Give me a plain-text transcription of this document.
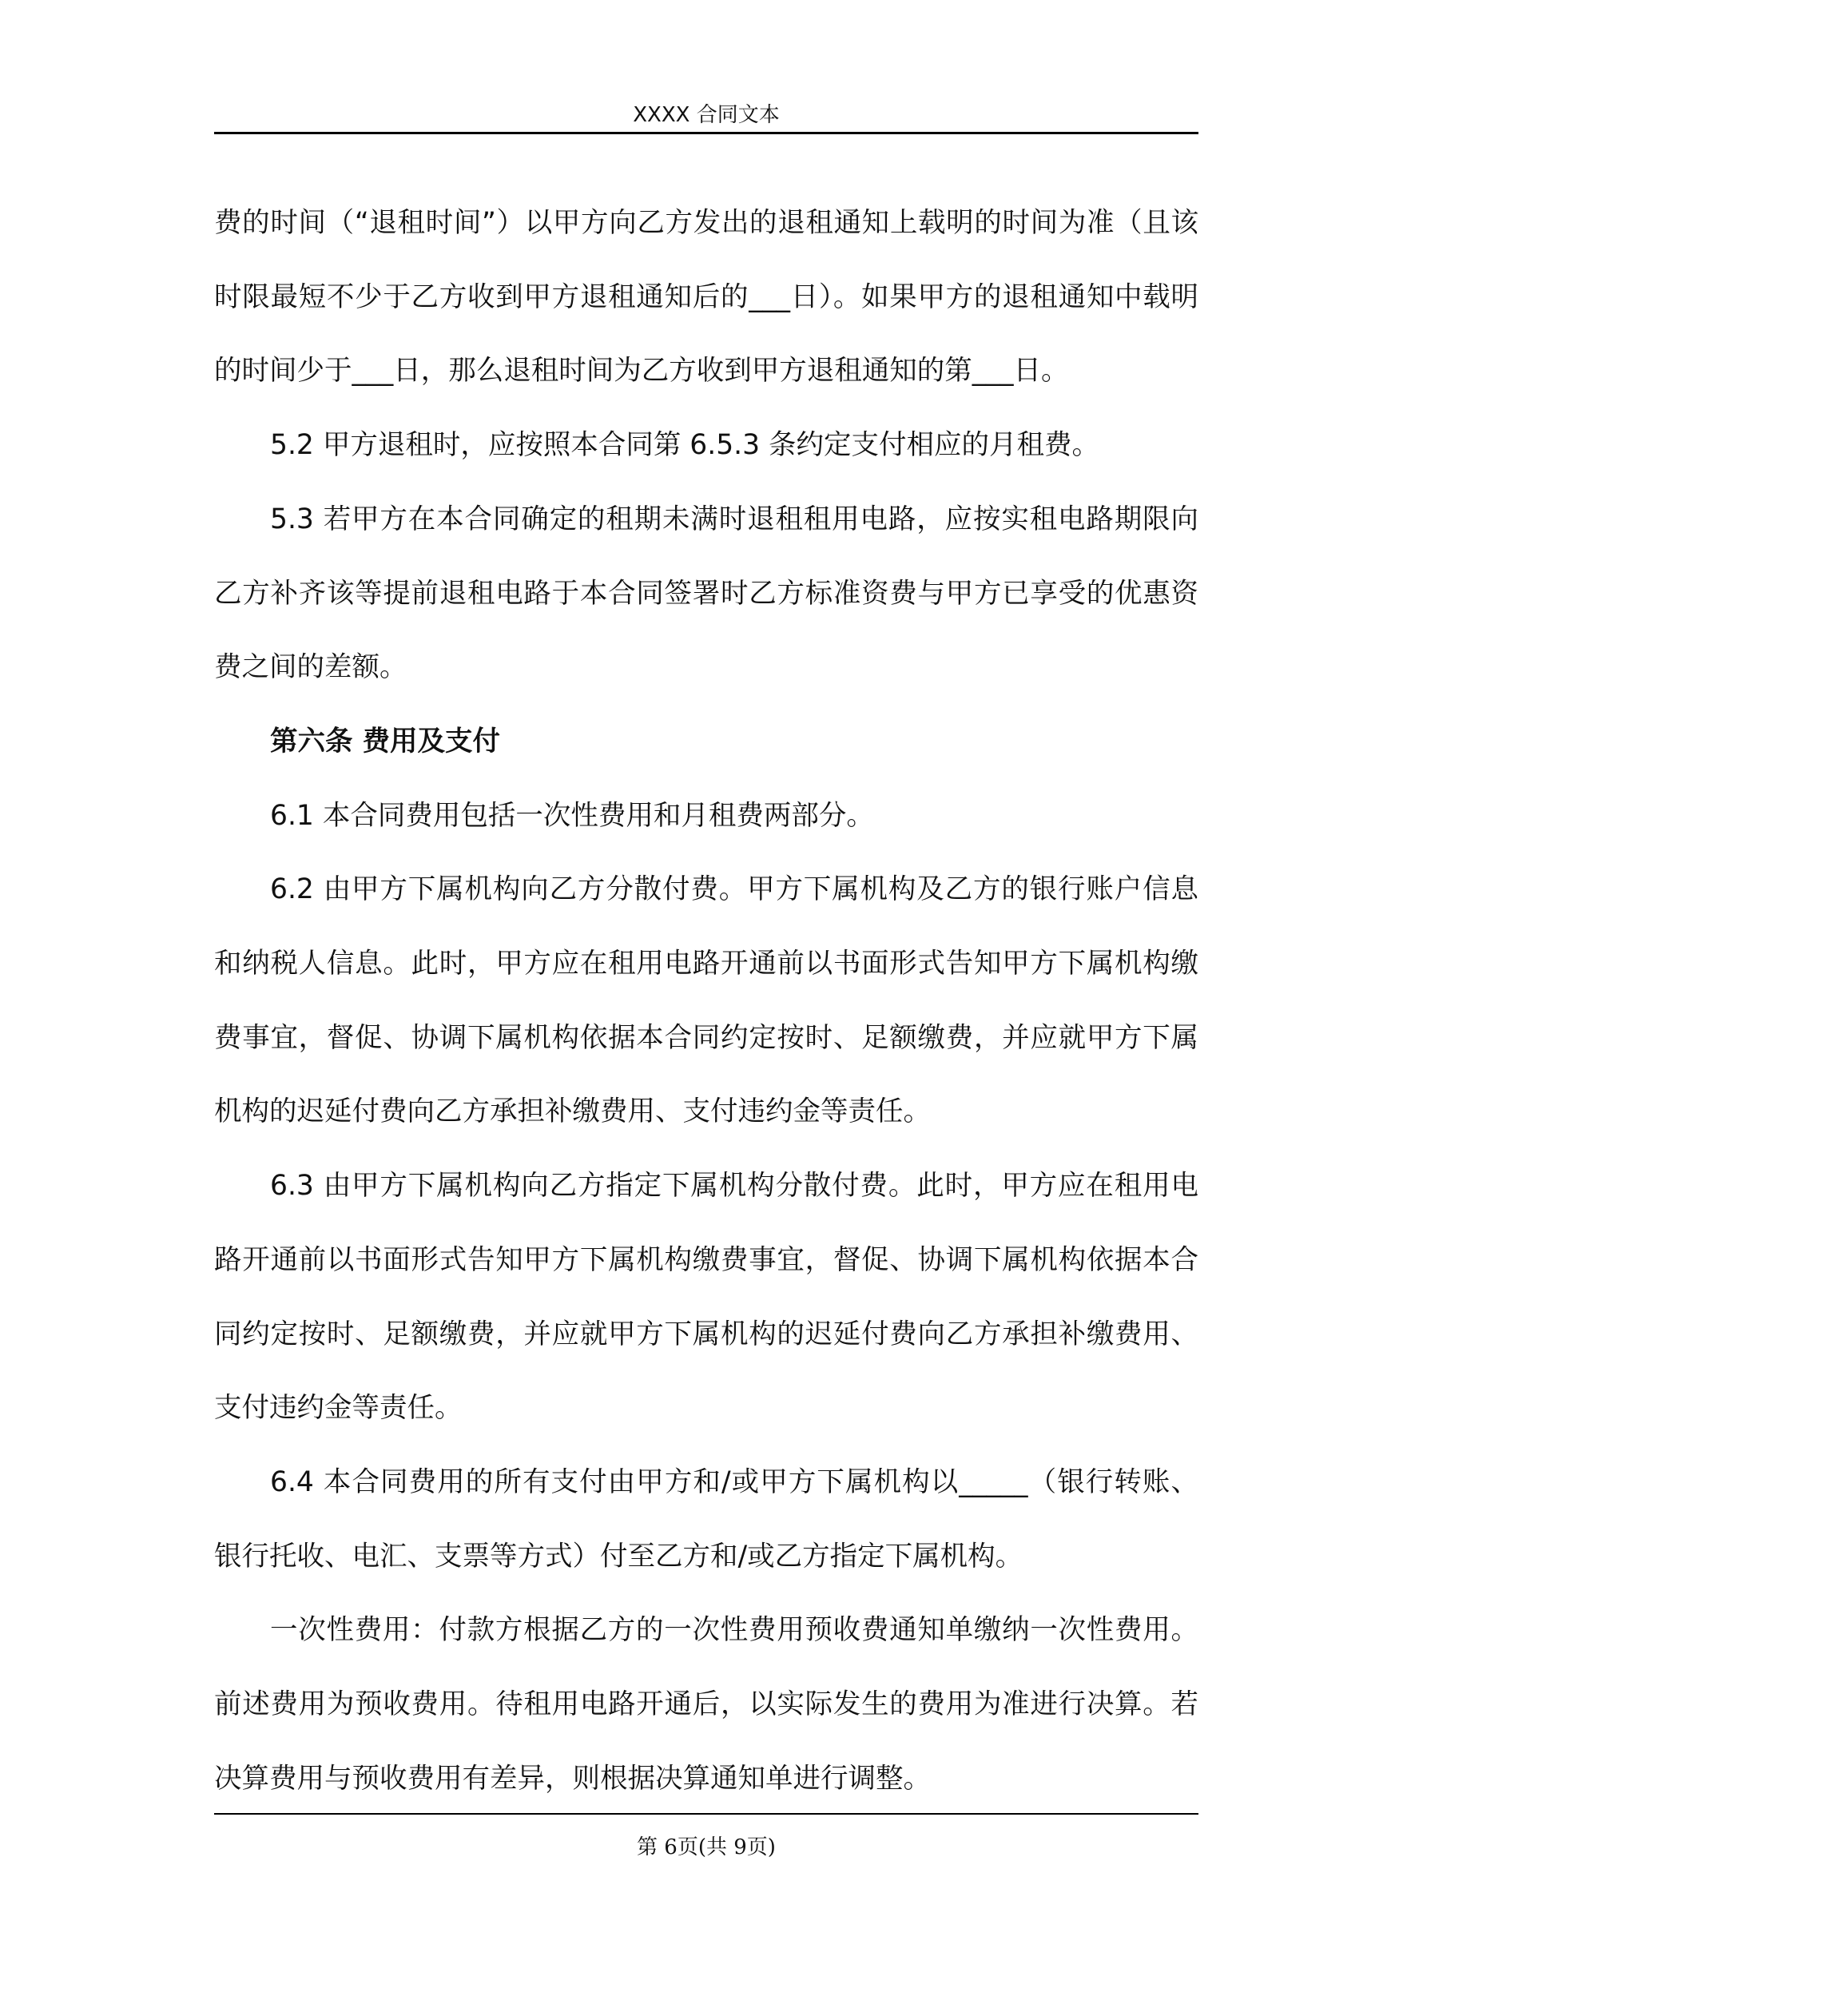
XXXX 合同文本

费的时间（“退租时间”）以甲方向乙方发出的退租通知上载明的时间为准（且该时限最短不少于乙方收到甲方退租通知后的___日）。如果甲方的退租通知中载明的时间少于___日，那么退租时间为乙方收到甲方退租通知的第___日。

5.2 甲方退租时，应按照本合同第 6.5.3 条约定支付相应的月租费。

5.3 若甲方在本合同确定的租期未满时退租租用电路，应按实租电路期限向乙方补齐该等提前退租电路于本合同签署时乙方标准资费与甲方已享受的优惠资费之间的差额。

第六条 费用及支付

6.1 本合同费用包括一次性费用和月租费两部分。

6.2 由甲方下属机构向乙方分散付费。甲方下属机构及乙方的银行账户信息和纳税人信息。此时，甲方应在租用电路开通前以书面形式告知甲方下属机构缴费事宜，督促、协调下属机构依据本合同约定按时、足额缴费，并应就甲方下属机构的迟延付费向乙方承担补缴费用、支付违约金等责任。

6.3 由甲方下属机构向乙方指定下属机构分散付费。此时，甲方应在租用电路开通前以书面形式告知甲方下属机构缴费事宜，督促、协调下属机构依据本合同约定按时、足额缴费，并应就甲方下属机构的迟延付费向乙方承担补缴费用、支付违约金等责任。

6.4 本合同费用的所有支付由甲方和/或甲方下属机构以_____（银行转账、银行托收、电汇、支票等方式）付至乙方和/或乙方指定下属机构。

一次性费用：付款方根据乙方的一次性费用预收费通知单缴纳一次性费用。前述费用为预收费用。待租用电路开通后，以实际发生的费用为准进行决算。若决算费用与预收费用有差异，则根据决算通知单进行调整。

第 6页(共 9页)
